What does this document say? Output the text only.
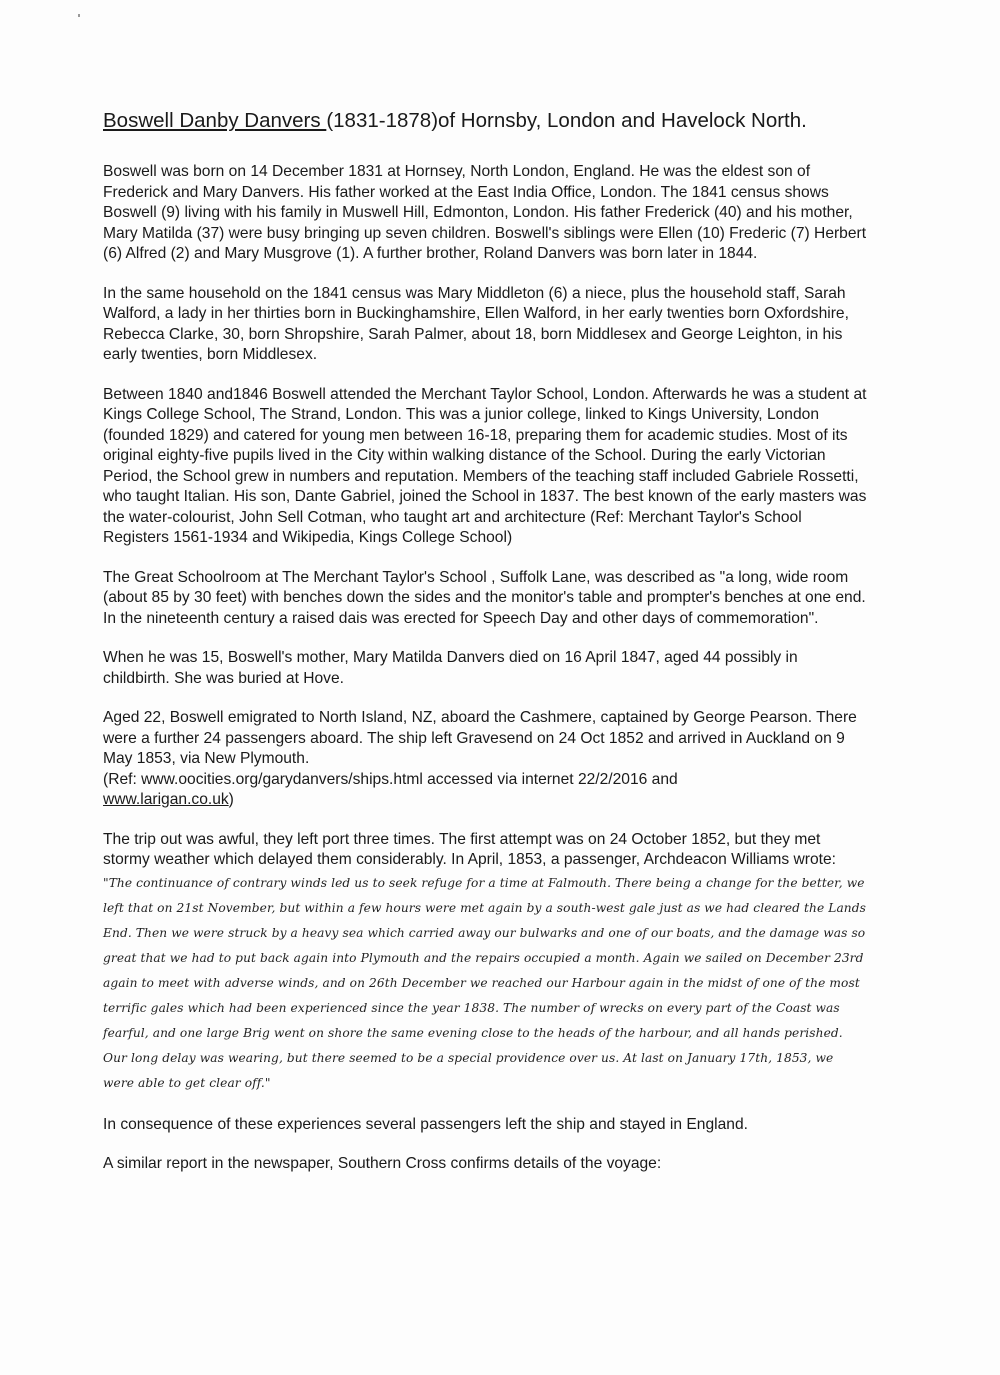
Boswell Danby Danvers (1831-1878)of Hornsby, London and Havelock North.

Boswell was born on 14 December 1831 at Hornsey, North London, England. He was the eldest son of Frederick and Mary Danvers. His father worked at the East India Office, London. The 1841 census shows Boswell (9) living with his family in Muswell Hill, Edmonton, London. His father Frederick (40) and his mother, Mary Matilda (37) were busy bringing up seven children. Boswell's siblings were Ellen (10) Frederic (7) Herbert (6) Alfred (2) and Mary Musgrove (1). A further brother, Roland Danvers was born later in 1844.

In the same household on the 1841 census was Mary Middleton (6) a niece, plus the household staff, Sarah Walford, a lady in her thirties born in Buckinghamshire, Ellen Walford, in her early twenties born Oxfordshire, Rebecca Clarke, 30, born Shropshire, Sarah Palmer, about 18, born Middlesex and George Leighton, in his early twenties, born Middlesex.

Between 1840 and1846 Boswell attended the Merchant Taylor School, London. Afterwards he was a student at Kings College School, The Strand, London. This was a junior college, linked to Kings University, London (founded 1829) and catered for young men between 16-18, preparing them for academic studies. Most of its original eighty-five pupils lived in the City within walking distance of the School. During the early Victorian Period, the School grew in numbers and reputation. Members of the teaching staff included Gabriele Rossetti, who taught Italian. His son, Dante Gabriel, joined the School in 1837. The best known of the early masters was the water-colourist, John Sell Cotman, who taught art and architecture (Ref: Merchant Taylor's School Registers 1561-1934 and Wikipedia, Kings College School)

The Great Schoolroom at The Merchant Taylor's School , Suffolk Lane, was described as "a long, wide room (about 85 by 30 feet) with benches down the sides and the monitor's table and prompter's benches at one end. In the nineteenth century a raised dais was erected for Speech Day and other days of commemoration".

When he was 15, Boswell's mother, Mary Matilda Danvers died on 16 April 1847, aged 44 possibly in childbirth. She was buried at Hove.

Aged 22, Boswell emigrated to North Island, NZ, aboard the Cashmere, captained by George Pearson. There were a further 24 passengers aboard. The ship left Gravesend on 24 Oct 1852 and arrived in Auckland on 9 May 1853, via New Plymouth.
(Ref: www.oocities.org/garydanvers/ships.html accessed via internet 22/2/2016 and
www.larigan.co.uk)

The trip out was awful, they left port three times. The first attempt was on 24 October 1852, but they met stormy weather which delayed them considerably. In April, 1853, a passenger, Archdeacon Williams wrote: "The continuance of contrary winds led us to seek refuge for a time at Falmouth. There being a change for the better, we left that on 21st November, but within a few hours were met again by a south-west gale just as we had cleared the Lands End. Then we were struck by a heavy sea which carried away our bulwarks and one of our boats, and the damage was so great that we had to put back again into Plymouth and the repairs occupied a month. Again we sailed on December 23rd again to meet with adverse winds, and on 26th December we reached our Harbour again in the midst of one of the most terrific gales which had been experienced since the year 1838. The number of wrecks on every part of the Coast was fearful, and one large Brig went on shore the same evening close to the heads of the harbour, and all hands perished. Our long delay was wearing, but there seemed to be a special providence over us. At last on January 17th, 1853, we were able to get clear off."

In consequence of these experiences several passengers left the ship and stayed in England.

A similar report in the newspaper, Southern Cross confirms details of the voyage:
